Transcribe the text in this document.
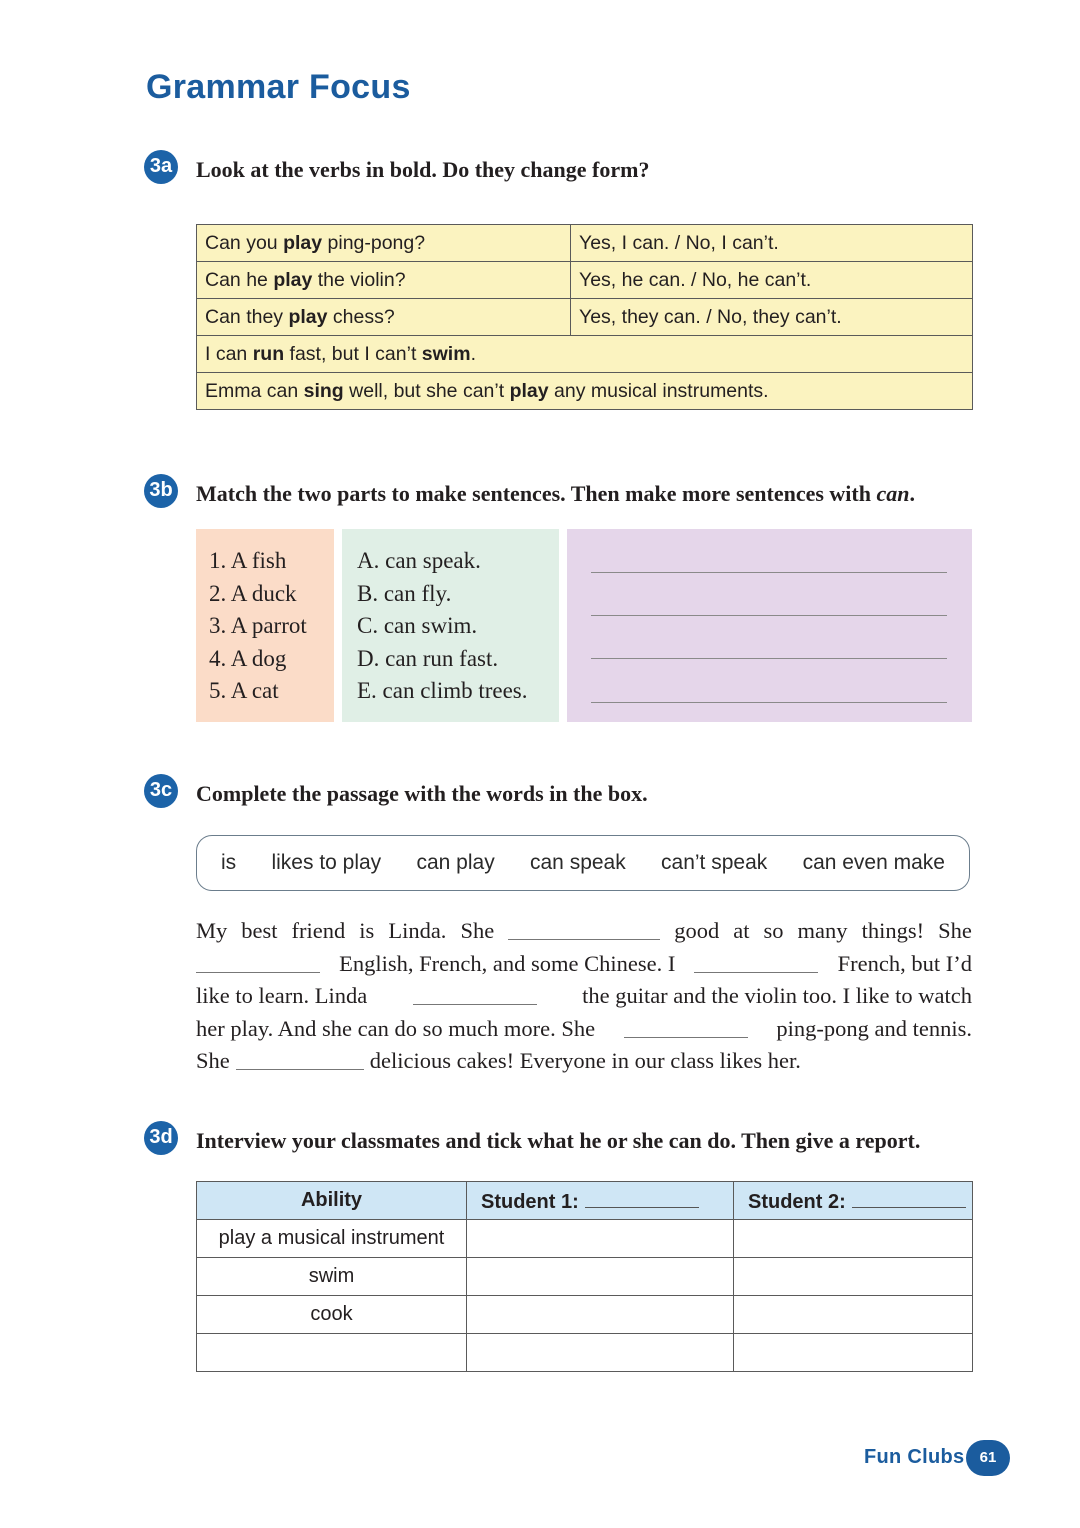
Grammar Focus
3a Look at the verbs in bold. Do they change form?
Can you play ping-pong?	Yes, I can. / No, I can’t.
Can he play the violin?	Yes, he can. / No, he can’t.
Can they play chess?	Yes, they can. / No, they can’t.
I can run fast, but I can’t swim.	
Emma can sing well, but she can’t play any musical instruments.	
3b Match the two parts to make sentences. Then make more sentences with can.
1. A fish
2. A duck
3. A parrot
4. A dog
5. A cat
A. can speak.
B. can fly.
C. can swim.
D. can run fast.
E. can climb trees.
3c Complete the passage with the words in the box.
is likes to play can play can speak can’t speak can even make
My best friend is Linda. She	good at so many things! She
English, French, and some Chinese. I	French, but I’d
like to learn. Linda	the guitar and the violin too. I like to watch
her play. And she can do so much more. She	ping-pong and tennis.
She	delicious cakes! Everyone in our class likes her.
3d Interview your classmates and tick what he or she can do. Then give a report.
Ability	Student 1:	Student 2:
play a musical instrument		
swim		
cook		

Fun Clubs	61
